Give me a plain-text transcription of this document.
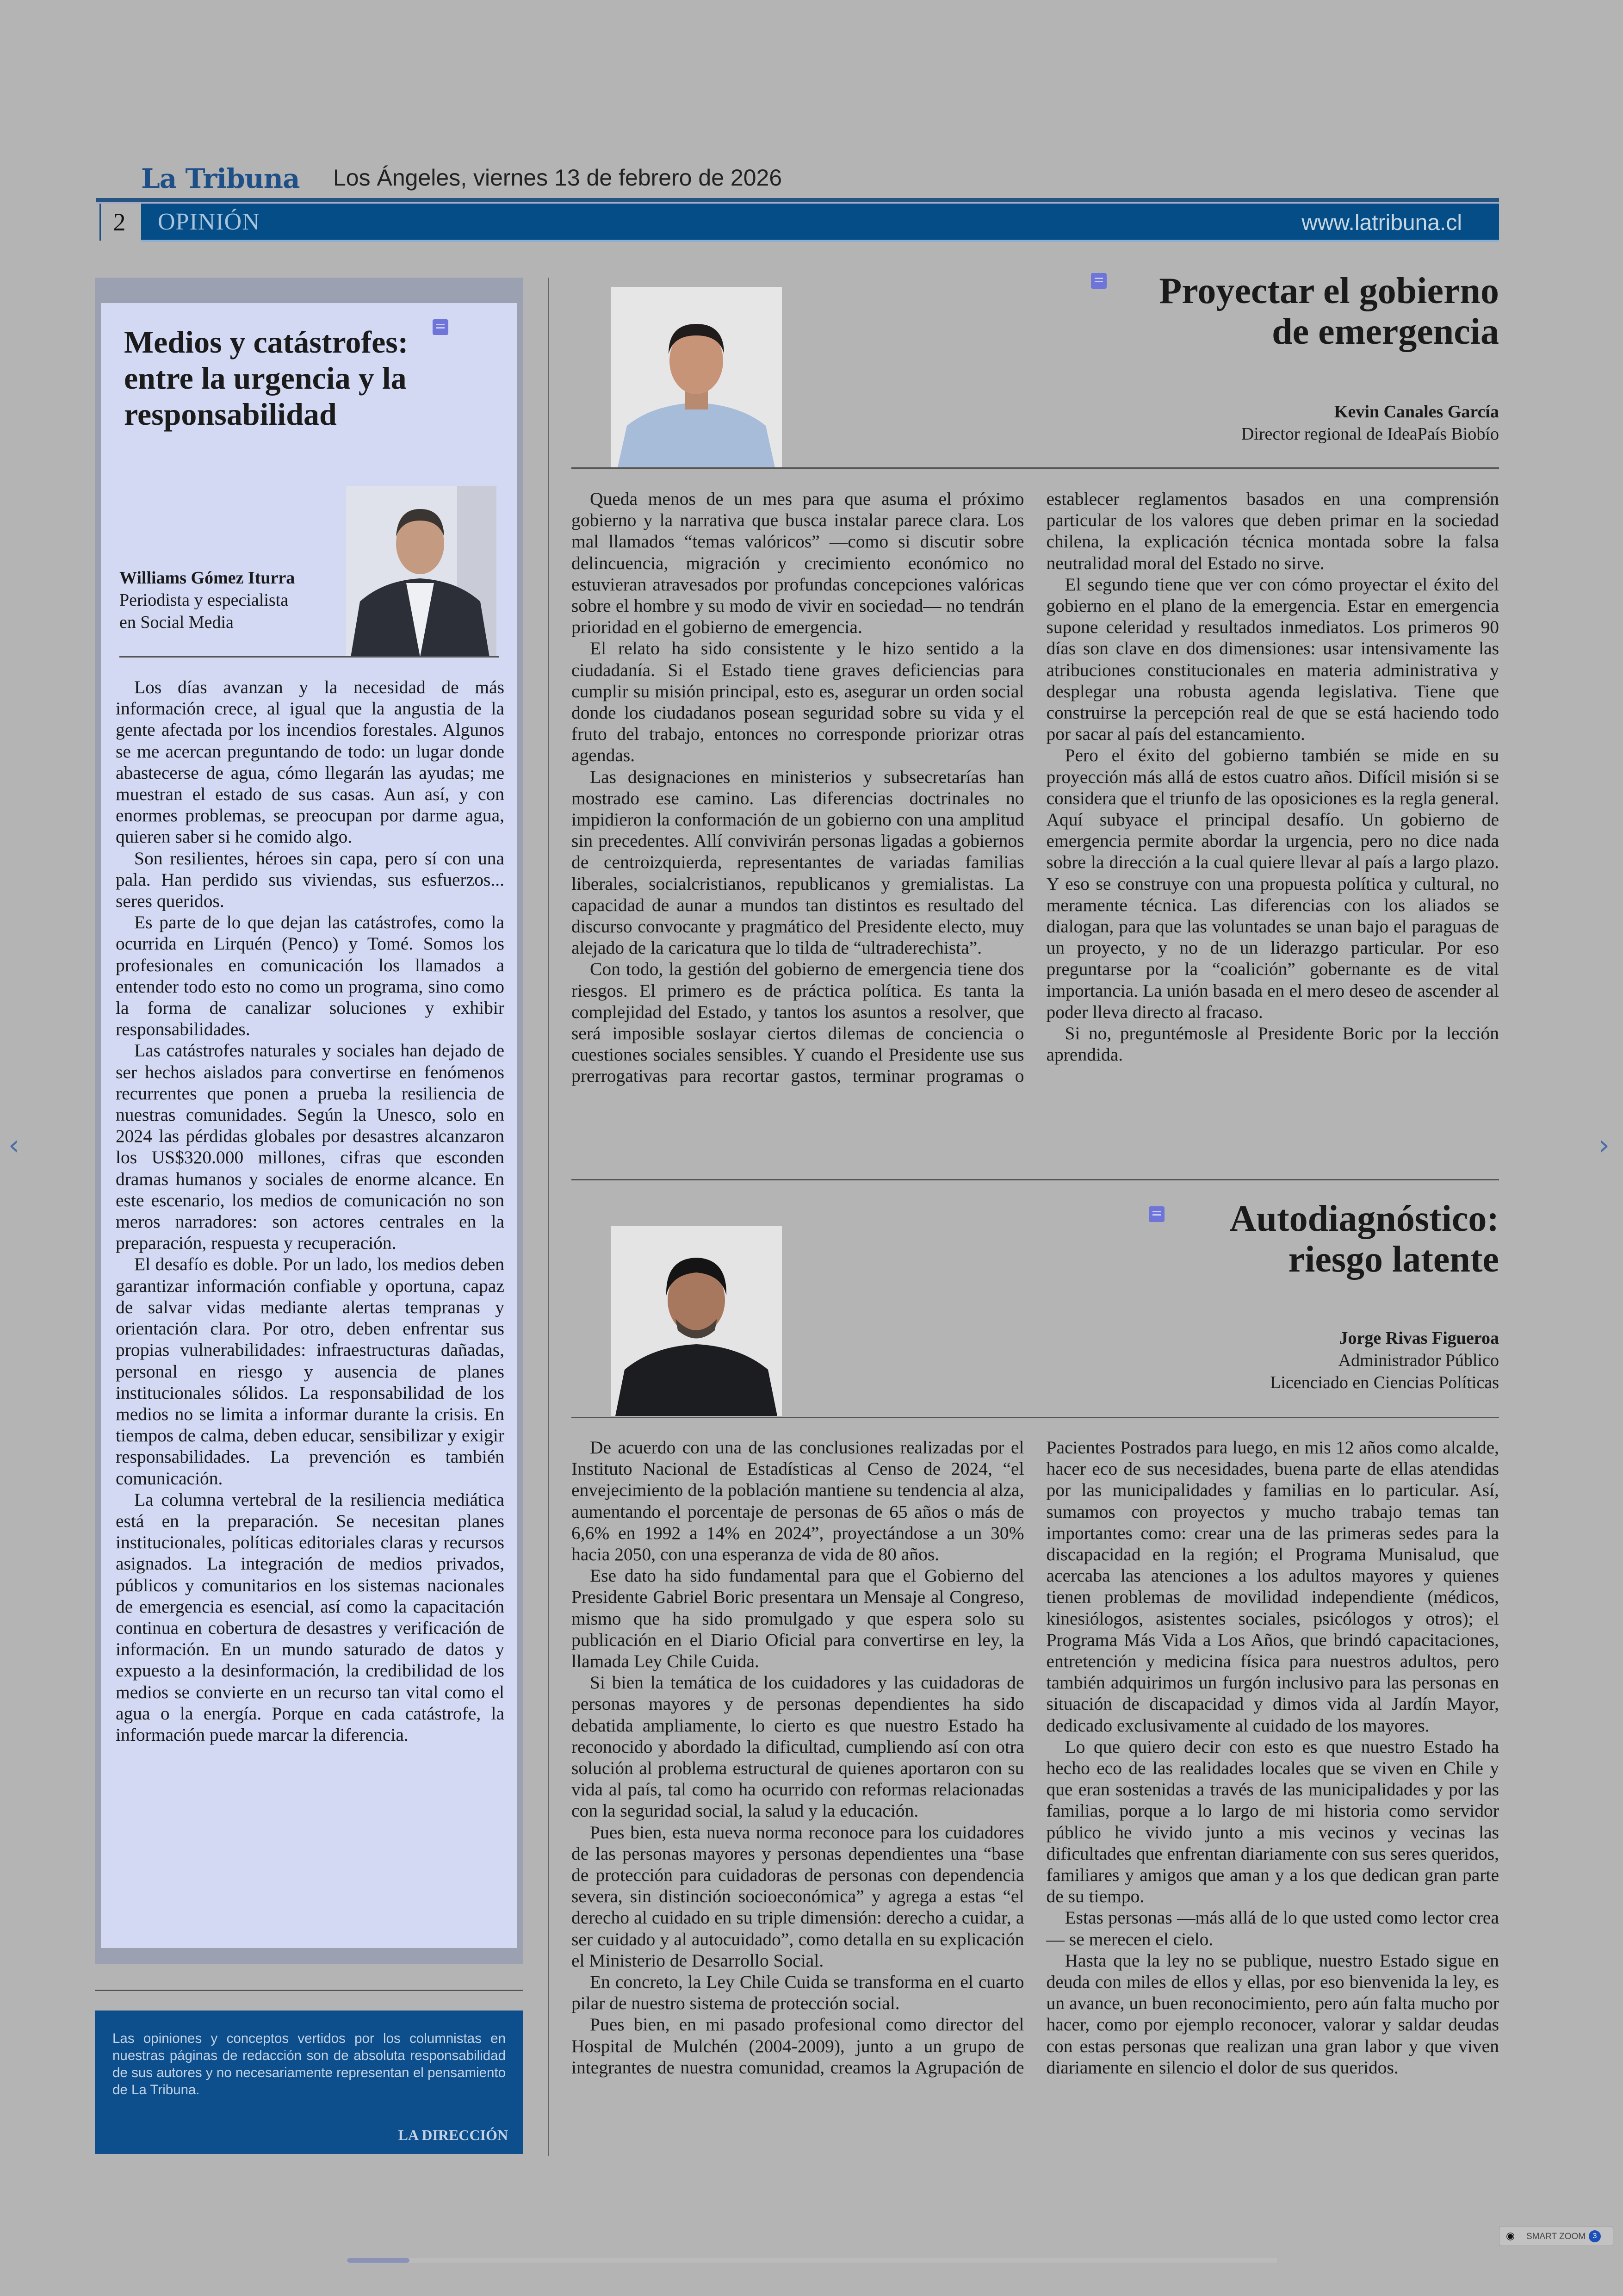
La Tribuna Los Ángeles, viernes 13 de febrero de 2026
2	OPINIÓN	www.latribuna.cl
Medios y catástrofes: entre la urgencia y la responsabilidad
Williams Gómez Iturra
Periodista y especialista
en Social Media

Los días avanzan y la necesidad de más información crece, al igual que la angustia de la gente afectada por los incendios forestales. Algunos se me acercan preguntando de todo: un lugar donde abastecerse de agua, cómo llegarán las ayudas; me muestran el estado de sus casas. Aun así, y con enormes problemas, se preocupan por darme agua, quieren saber si he comido algo.

Son resilientes, héroes sin capa, pero sí con una pala. Han perdido sus viviendas, sus esfuerzos... seres queridos.

Es parte de lo que dejan las catástrofes, como la ocurrida en Lirquén (Penco) y Tomé. Somos los profesionales en comunicación los llamados a entender todo esto no como un programa, sino como la forma de canalizar soluciones y exhibir responsabilidades.

Las catástrofes naturales y sociales han dejado de ser hechos aislados para convertirse en fenómenos recurrentes que ponen a prueba la resiliencia de nuestras comunidades. Según la Unesco, solo en 2024 las pérdidas globales por desastres alcanzaron los US$320.000 millones, cifras que esconden dramas humanos y sociales de enorme alcance. En este escenario, los medios de comunicación no son meros narradores: son actores centrales en la preparación, respuesta y recuperación.

El desafío es doble. Por un lado, los medios deben garantizar información confiable y oportuna, capaz de salvar vidas mediante alertas tempranas y orientación clara. Por otro, deben enfrentar sus propias vulnerabilidades: infraestructuras dañadas, personal en riesgo y ausencia de planes institucionales sólidos. La responsabilidad de los medios no se limita a informar durante la crisis. En tiempos de calma, deben educar, sensibilizar y exigir responsabilidades. La prevención es también comunicación.

La columna vertebral de la resiliencia mediática está en la preparación. Se necesitan planes institucionales, políticas editoriales claras y recursos asignados. La integración de medios privados, públicos y comunitarios en los sistemas nacionales de emergencia es esencial, así como la capacitación continua en cobertura de desastres y verificación de información. En un mundo saturado de datos y expuesto a la desinformación, la credibilidad de los medios se convierte en un recurso tan vital como el agua o la energía. Porque en cada catástrofe, la información puede marcar la diferencia.

Las opiniones y conceptos vertidos por los columnistas en nuestras páginas de redacción son de absoluta responsabilidad de sus autores y no necesariamente representan el pensamiento de La Tribuna.
LA DIRECCIÓN
Proyectar el gobierno
de emergencia
Kevin Canales García
Director regional de IdeaPaís Biobío

Queda menos de un mes para que asuma el próximo gobierno y la narrativa que busca instalar parece clara. Los mal llamados “temas valóricos” —como si discutir sobre delincuencia, migración y crecimiento económico no estuvieran atravesados por profundas concepciones valóricas sobre el hombre y su modo de vivir en sociedad— no tendrán prioridad en el gobierno de emergencia.

El relato ha sido consistente y le hizo sentido a la ciudadanía. Si el Estado tiene graves deficiencias para cumplir su misión principal, esto es, asegurar un orden social donde los ciudadanos posean seguridad sobre su vida y el fruto del trabajo, entonces no corresponde priorizar otras agendas.

Las designaciones en ministerios y subsecretarías han mostrado ese camino. Las diferencias doctrinales no impidieron la conformación de un gobierno con una amplitud sin precedentes. Allí convivirán personas ligadas a gobiernos de centroizquierda, representantes de variadas familias liberales, socialcristianos, republicanos y gremialistas. La capacidad de aunar a mundos tan distintos es resultado del discurso convocante y pragmático del Presidente electo, muy alejado de la caricatura que lo tilda de “ultraderechista”.

Con todo, la gestión del gobierno de emergencia tiene dos riesgos. El primero es de práctica política. Es tanta la complejidad del Estado, y tantos los asuntos a resolver, que será imposible soslayar ciertos dilemas de conciencia o cuestiones sociales sensibles. Y cuando el Presidente use sus prerrogativas para recortar gastos, terminar programas o establecer reglamentos basados en una comprensión particular de los valores que deben primar en la sociedad chilena, la explicación técnica montada sobre la falsa neutralidad moral del Estado no sirve.

El segundo tiene que ver con cómo proyectar el éxito del gobierno en el plano de la emergencia. Estar en emergencia supone celeridad y resultados inmediatos. Los primeros 90 días son clave en dos dimensiones: usar intensivamente las atribuciones constitucionales en materia administrativa y desplegar una robusta agenda legislativa. Tiene que construirse la percepción real de que se está haciendo todo por sacar al país del estancamiento.

Pero el éxito del gobierno también se mide en su proyección más allá de estos cuatro años. Difícil misión si se considera que el triunfo de las oposiciones es la regla general. Aquí subyace el principal desafío. Un gobierno de emergencia permite abordar la urgencia, pero no dice nada sobre la dirección a la cual quiere llevar al país a largo plazo. Y eso se construye con una propuesta política y cultural, no meramente técnica. Las diferencias con los aliados se dialogan, para que las voluntades se unan bajo el paraguas de un proyecto, y no de un liderazgo particular. Por eso preguntarse por la “coalición” gobernante es de vital importancia. La unión basada en el mero deseo de ascender al poder lleva directo al fracaso.

Si no, preguntémosle al Presidente Boric por la lección aprendida.

Autodiagnóstico:
riesgo latente
Jorge Rivas Figueroa
Administrador Público
Licenciado en Ciencias Políticas

De acuerdo con una de las conclusiones realizadas por el Instituto Nacional de Estadísticas al Censo de 2024, “el envejecimiento de la población mantiene su tendencia al alza, aumentando el porcentaje de personas de 65 años o más de 6,6% en 1992 a 14% en 2024”, proyectándose a un 30% hacia 2050, con una esperanza de vida de 80 años.

Ese dato ha sido fundamental para que el Gobierno del Presidente Gabriel Boric presentara un Mensaje al Congreso, mismo que ha sido promulgado y que espera solo su publicación en el Diario Oficial para convertirse en ley, la llamada Ley Chile Cuida.

Si bien la temática de los cuidadores y las cuidadoras de personas mayores y de personas dependientes ha sido debatida ampliamente, lo cierto es que nuestro Estado ha reconocido y abordado la dificultad, cumpliendo así con otra solución al problema estructural de quienes aportaron con su vida al país, tal como ha ocurrido con reformas relacionadas con la seguridad social, la salud y la educación.

Pues bien, esta nueva norma reconoce para los cuidadores de las personas mayores y personas dependientes una “base de protección para cuidadoras de personas con dependencia severa, sin distinción socioeconómica” y agrega a estas “el derecho al cuidado en su triple dimensión: derecho a cuidar, a ser cuidado y al autocuidado”, como detalla en su explicación el Ministerio de Desarrollo Social.

En concreto, la Ley Chile Cuida se transforma en el cuarto pilar de nuestro sistema de protección social.

Pues bien, en mi pasado profesional como director del Hospital de Mulchén (2004-2009), junto a un grupo de integrantes de nuestra comunidad, creamos la Agrupación de Pacientes Postrados para luego, en mis 12 años como alcalde, hacer eco de sus necesidades, buena parte de ellas atendidas por las municipalidades y familias en lo particular. Así, sumamos con proyectos y mucho trabajo temas tan importantes como: crear una de las primeras sedes para la discapacidad en la región; el Programa Munisalud, que acercaba las atenciones a los adultos mayores y quienes tienen problemas de movilidad independiente (médicos, kinesiólogos, asistentes sociales, psicólogos y otros); el Programa Más Vida a Los Años, que brindó capacitaciones, entretención y medicina física para nuestros adultos, pero también adquirimos un furgón inclusivo para las personas en situación de discapacidad y dimos vida al Jardín Mayor, dedicado exclusivamente al cuidado de los mayores.

Lo que quiero decir con esto es que nuestro Estado ha hecho eco de las realidades locales que se viven en Chile y que eran sostenidas a través de las municipalidades y por las familias, porque a lo largo de mi historia como servidor público he vivido junto a mis vecinos y vecinas las dificultades que enfrentan diariamente con sus seres queridos, familiares y amigos que aman y a los que dedican gran parte de su tiempo.

Estas personas —más allá de lo que usted como lector crea— se merecen el cielo.

Hasta que la ley no se publique, nuestro Estado sigue en deuda con miles de ellos y ellas, por eso bienvenida la ley, es un avance, un buen reconocimiento, pero aún falta mucho por hacer, como por ejemplo reconocer, valorar y saldar deudas con estas personas que realizan una gran labor y que viven diariamente en silencio el dolor de sus queridos.

‹	›
◉ SMART ZOOM 3
